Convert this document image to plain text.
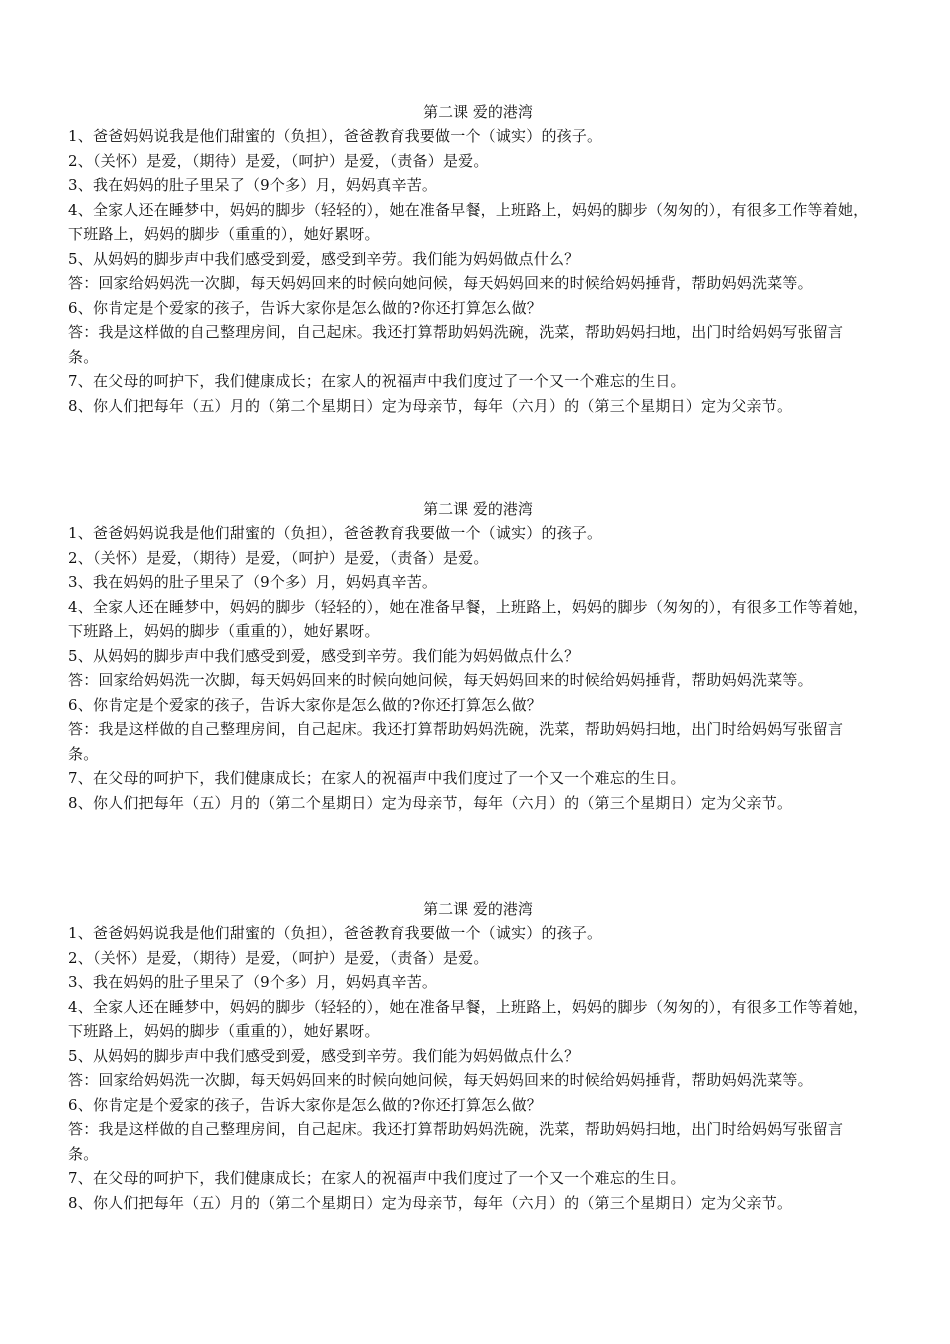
第二课 爱的港湾
1、爸爸妈妈说我是他们甜蜜的（负担），爸爸教育我要做一个（诚实）的孩子。
2、（关怀）是爱，（期待）是爱，（呵护）是爱，（责备）是爱。
3、我在妈妈的肚子里呆了（9个多）月，妈妈真辛苦。
4、全家人还在睡梦中，妈妈的脚步（轻轻的），她在准备早餐，上班路上，妈妈的脚步（匆匆的），有很多工作等着她，
下班路上，妈妈的脚步（重重的），她好累呀。
5、从妈妈的脚步声中我们感受到爱，感受到辛劳。我们能为妈妈做点什么？
答：回家给妈妈洗一次脚，每天妈妈回来的时候向她问候，每天妈妈回来的时候给妈妈捶背，帮助妈妈洗菜等。
6、你肯定是个爱家的孩子，告诉大家你是怎么做的?你还打算怎么做？
答：我是这样做的自己整理房间，自己起床。我还打算帮助妈妈洗碗，洗菜，帮助妈妈扫地，出门时给妈妈写张留言
条。
7、在父母的呵护下，我们健康成长；在家人的祝福声中我们度过了一个又一个难忘的生日。
8、你人们把每年（五）月的（第二个星期日）定为母亲节，每年（六月）的（第三个星期日）定为父亲节。
第二课 爱的港湾
1、爸爸妈妈说我是他们甜蜜的（负担），爸爸教育我要做一个（诚实）的孩子。
2、（关怀）是爱，（期待）是爱，（呵护）是爱，（责备）是爱。
3、我在妈妈的肚子里呆了（9个多）月，妈妈真辛苦。
4、全家人还在睡梦中，妈妈的脚步（轻轻的），她在准备早餐，上班路上，妈妈的脚步（匆匆的），有很多工作等着她，
下班路上，妈妈的脚步（重重的），她好累呀。
5、从妈妈的脚步声中我们感受到爱，感受到辛劳。我们能为妈妈做点什么？
答：回家给妈妈洗一次脚，每天妈妈回来的时候向她问候，每天妈妈回来的时候给妈妈捶背，帮助妈妈洗菜等。
6、你肯定是个爱家的孩子，告诉大家你是怎么做的?你还打算怎么做？
答：我是这样做的自己整理房间，自己起床。我还打算帮助妈妈洗碗，洗菜，帮助妈妈扫地，出门时给妈妈写张留言
条。
7、在父母的呵护下，我们健康成长；在家人的祝福声中我们度过了一个又一个难忘的生日。
8、你人们把每年（五）月的（第二个星期日）定为母亲节，每年（六月）的（第三个星期日）定为父亲节。
第二课 爱的港湾
1、爸爸妈妈说我是他们甜蜜的（负担），爸爸教育我要做一个（诚实）的孩子。
2、（关怀）是爱，（期待）是爱，（呵护）是爱，（责备）是爱。
3、我在妈妈的肚子里呆了（9个多）月，妈妈真辛苦。
4、全家人还在睡梦中，妈妈的脚步（轻轻的），她在准备早餐，上班路上，妈妈的脚步（匆匆的），有很多工作等着她，
下班路上，妈妈的脚步（重重的），她好累呀。
5、从妈妈的脚步声中我们感受到爱，感受到辛劳。我们能为妈妈做点什么？
答：回家给妈妈洗一次脚，每天妈妈回来的时候向她问候，每天妈妈回来的时候给妈妈捶背，帮助妈妈洗菜等。
6、你肯定是个爱家的孩子，告诉大家你是怎么做的?你还打算怎么做？
答：我是这样做的自己整理房间，自己起床。我还打算帮助妈妈洗碗，洗菜，帮助妈妈扫地，出门时给妈妈写张留言
条。
7、在父母的呵护下，我们健康成长；在家人的祝福声中我们度过了一个又一个难忘的生日。
8、你人们把每年（五）月的（第二个星期日）定为母亲节，每年（六月）的（第三个星期日）定为父亲节。
